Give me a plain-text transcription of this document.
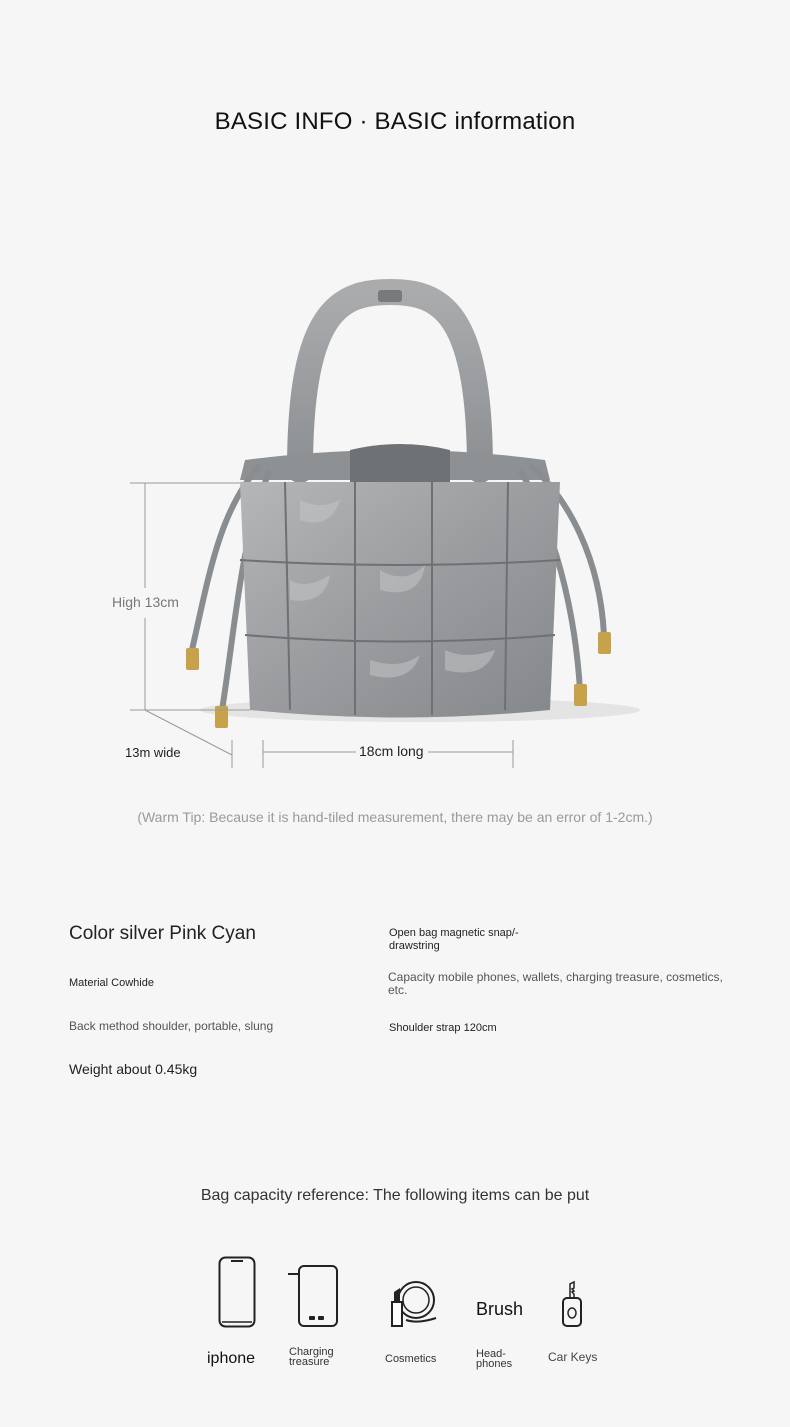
BASIC INFO · BASIC information
High 13cm
13m wide	18cm long
(Warm Tip: Because it is hand-tiled measurement, there may be an error of 1-2cm.)
Color silver Pink Cyan	Open bag magnetic snap/-
drawstring
Material Cowhide	Capacity mobile phones, wallets, charging treasure, cosmetics, etc.
Back method shoulder, portable, slung	Shoulder strap 120cm
Weight about 0.45kg
Bag capacity reference: The following items can be put
iphone	Charging treasure	Cosmetics
Brush
Head-phones	Car Keys
